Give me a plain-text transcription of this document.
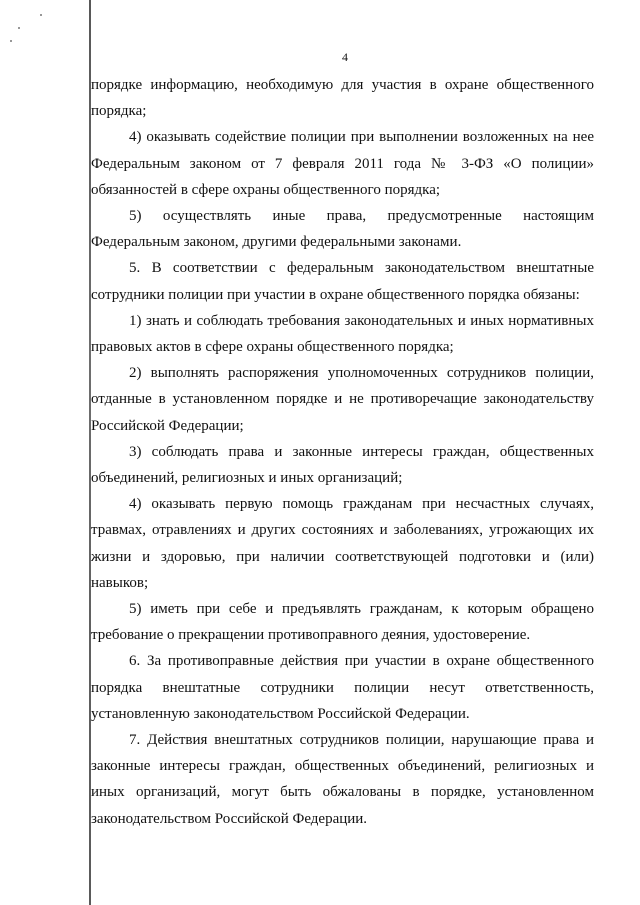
4

порядке информацию, необходимую для участия в охране общественного порядка;

4) оказывать содействие полиции при выполнении возложенных на нее Федеральным законом от 7 февраля 2011 года № 3-ФЗ «О полиции» обязанностей в сфере охраны общественного порядка;

5) осуществлять иные права, предусмотренные настоящим Федеральным законом, другими федеральными законами.

5. В соответствии с федеральным законодательством внештатные сотрудники полиции при участии в охране общественного порядка обязаны:

1) знать и соблюдать требования законодательных и иных нормативных правовых актов в сфере охраны общественного порядка;

2) выполнять распоряжения уполномоченных сотрудников полиции, отданные в установленном порядке и не противоречащие законодательству Российской Федерации;

3) соблюдать права и законные интересы граждан, общественных объединений, религиозных и иных организаций;

4) оказывать первую помощь гражданам при несчастных случаях, травмах, отравлениях и других состояниях и заболеваниях, угрожающих их жизни и здоровью, при наличии соответствующей подготовки и (или) навыков;

5) иметь при себе и предъявлять гражданам, к которым обращено требование о прекращении противоправного деяния, удостоверение.

6. За противоправные действия при участии в охране общественного порядка внештатные сотрудники полиции несут ответственность, установленную законодательством Российской Федерации.

7. Действия внештатных сотрудников полиции, нарушающие права и законные интересы граждан, общественных объединений, религиозных и иных организаций, могут быть обжалованы в порядке, установленном законодательством Российской Федерации.
